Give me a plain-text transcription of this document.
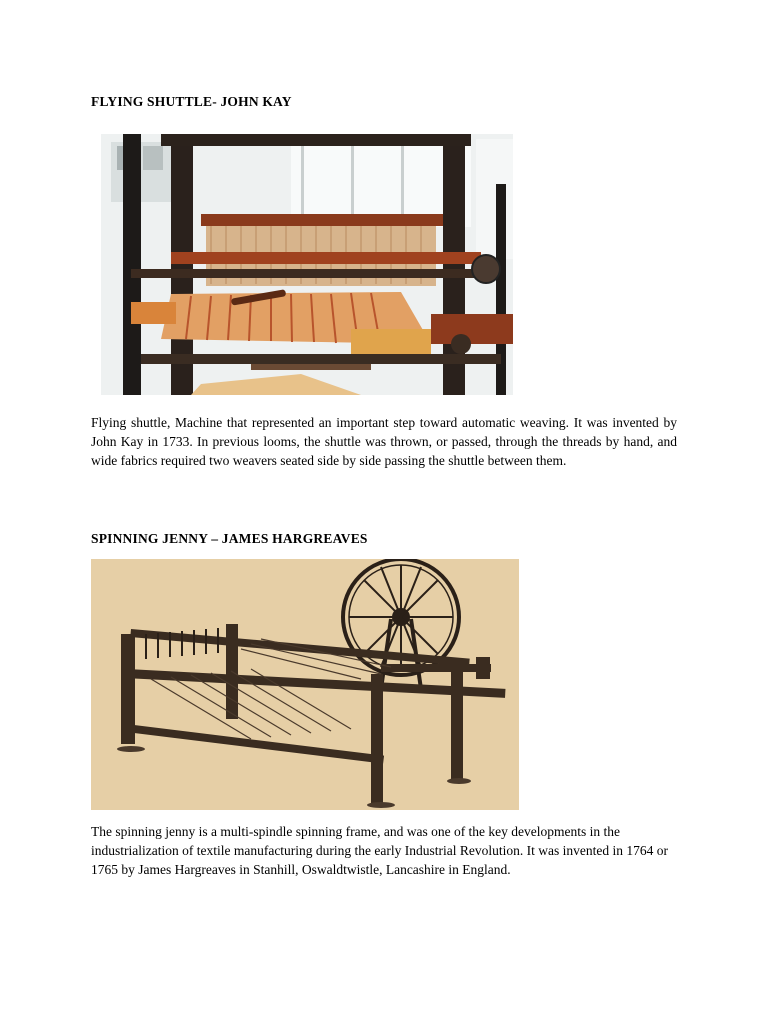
FLYING SHUTTLE- JOHN KAY

Flying shuttle, Machine that represented an important step toward automatic weaving. It was invented by John Kay in 1733. In previous looms, the shuttle was thrown, or passed, through the threads by hand, and wide fabrics required two weavers seated side by side passing the shuttle between them.

SPINNING JENNY – JAMES HARGREAVES

The spinning jenny is a multi-spindle spinning frame, and was one of the key developments in the industrialization of textile manufacturing during the early Industrial Revolution. It was invented in 1764 or 1765 by James Hargreaves in Stanhill, Oswaldtwistle, Lancashire in England.
